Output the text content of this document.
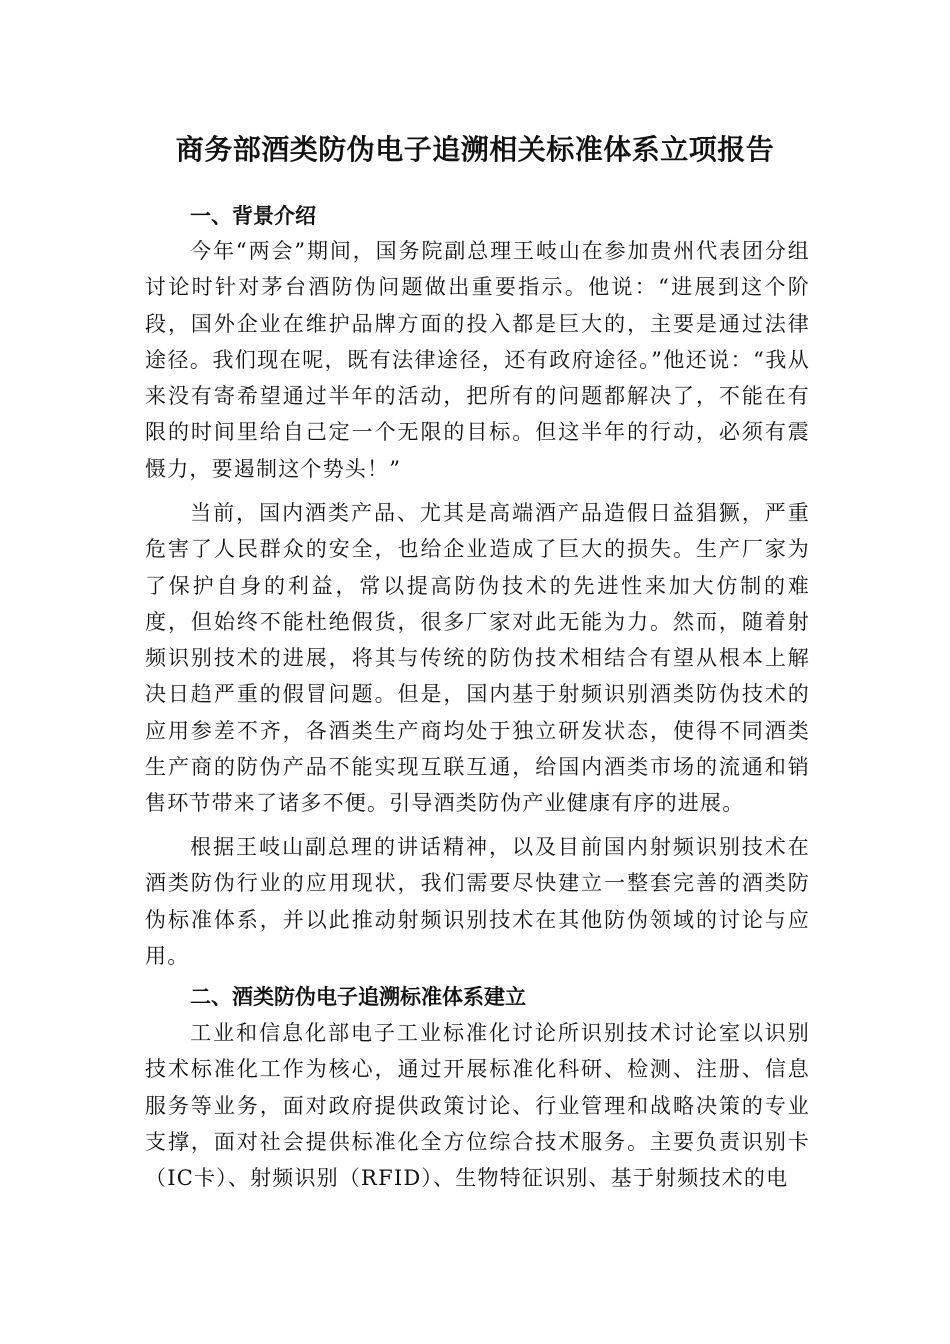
商务部酒类防伪电子追溯相关标准体系立项报告
一、背景介绍

今年“两会”期间，国务院副总理王岐山在参加贵州代表团分组讨论时针对茅台酒防伪问题做出重要指示。他说：“进展到这个阶段，国外企业在维护品牌方面的投入都是巨大的，主要是通过法律途径。我们现在呢，既有法律途径，还有政府途径。”他还说：“我从来没有寄希望通过半年的活动，把所有的问题都解决了，不能在有限的时间里给自己定一个无限的目标。但这半年的行动，必须有震慑力，要遏制这个势头！”

当前，国内酒类产品、尤其是高端酒产品造假日益猖獗，严重危害了人民群众的安全，也给企业造成了巨大的损失。生产厂家为了保护自身的利益，常以提高防伪技术的先进性来加大仿制的难度，但始终不能杜绝假货，很多厂家对此无能为力。然而，随着射频识别技术的进展，将其与传统的防伪技术相结合有望从根本上解决日趋严重的假冒问题。但是，国内基于射频识别酒类防伪技术的应用参差不齐，各酒类生产商均处于独立研发状态，使得不同酒类生产商的防伪产品不能实现互联互通，给国内酒类市场的流通和销售环节带来了诸多不便。引导酒类防伪产业健康有序的进展。

根据王岐山副总理的讲话精神，以及目前国内射频识别技术在酒类防伪行业的应用现状，我们需要尽快建立一整套完善的酒类防伪标准体系，并以此推动射频识别技术在其他防伪领域的讨论与应用。

二、酒类防伪电子追溯标准体系建立

工业和信息化部电子工业标准化讨论所识别技术讨论室以识别技术标准化工作为核心，通过开展标准化科研、检测、注册、信息服务等业务，面对政府提供政策讨论、行业管理和战略决策的专业支撑，面对社会提供标准化全方位综合技术服务。主要负责识别卡（IC卡）、射频识别（RFID）、生物特征识别、基于射频技术的电
